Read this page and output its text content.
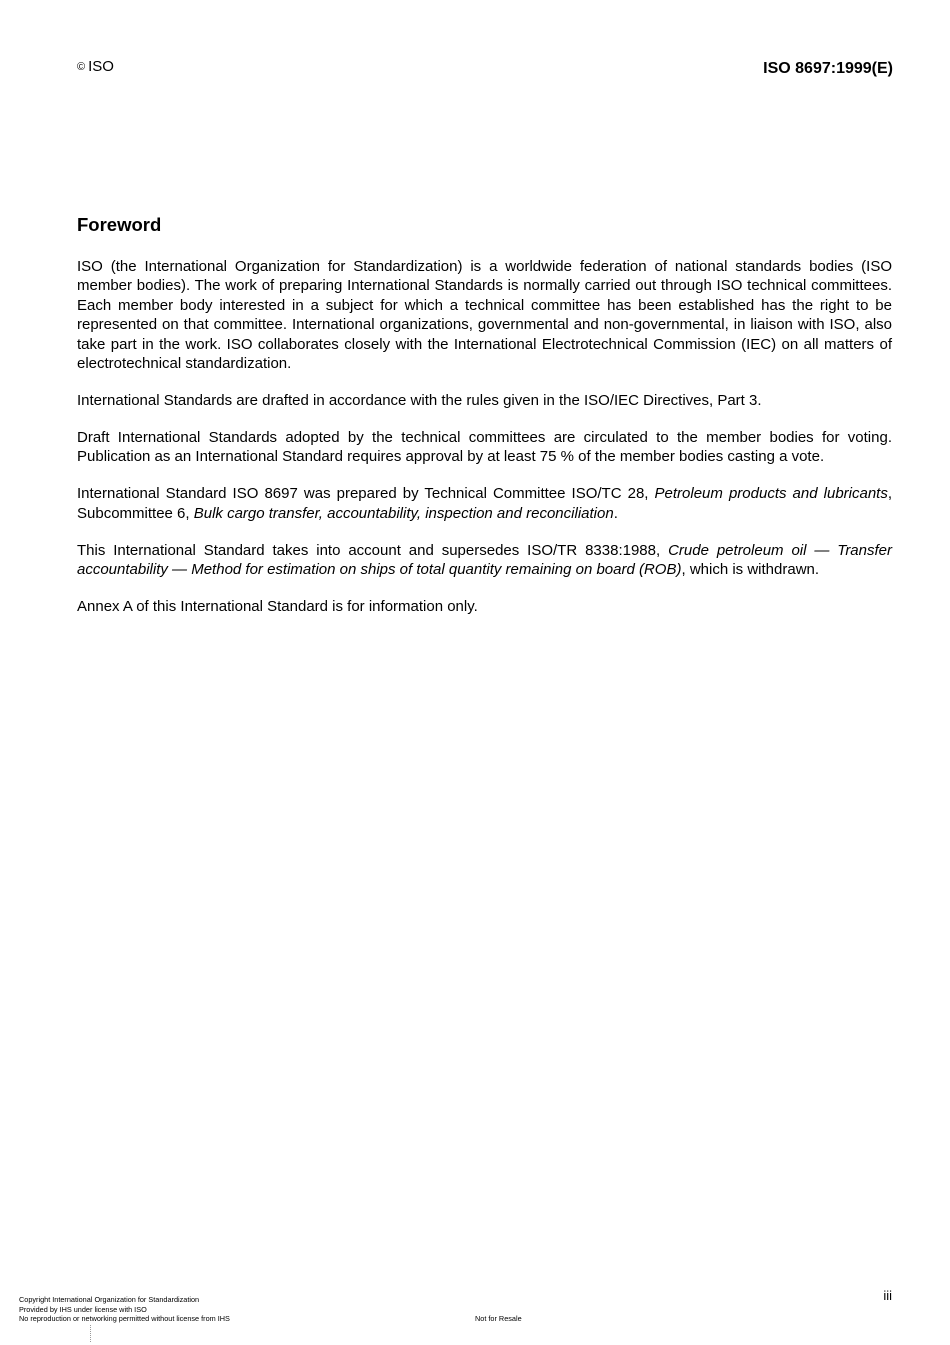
© ISO	ISO 8697:1999(E)
Foreword

ISO (the International Organization for Standardization) is a worldwide federation of national standards bodies (ISO member bodies). The work of preparing International Standards is normally carried out through ISO technical committees. Each member body interested in a subject for which a technical committee has been established has the right to be represented on that committee. International organizations, governmental and non-governmental, in liaison with ISO, also take part in the work. ISO collaborates closely with the International Electrotechnical Commission (IEC) on all matters of electrotechnical standardization.

International Standards are drafted in accordance with the rules given in the ISO/IEC Directives, Part 3.

Draft International Standards adopted by the technical committees are circulated to the member bodies for voting. Publication as an International Standard requires approval by at least 75 % of the member bodies casting a vote.

International Standard ISO 8697 was prepared by Technical Committee ISO/TC 28, Petroleum products and lubricants, Subcommittee 6, Bulk cargo transfer, accountability, inspection and reconciliation.

This International Standard takes into account and supersedes ISO/TR 8338:1988, Crude petroleum oil — Transfer accountability — Method for estimation on ships of total quantity remaining on board (ROB), which is withdrawn.

Annex A of this International Standard is for information only.

iii
Copyright International Organization for Standardization
Provided by IHS under license with ISO
No reproduction or networking permitted without license from IHS	Not for Resale
